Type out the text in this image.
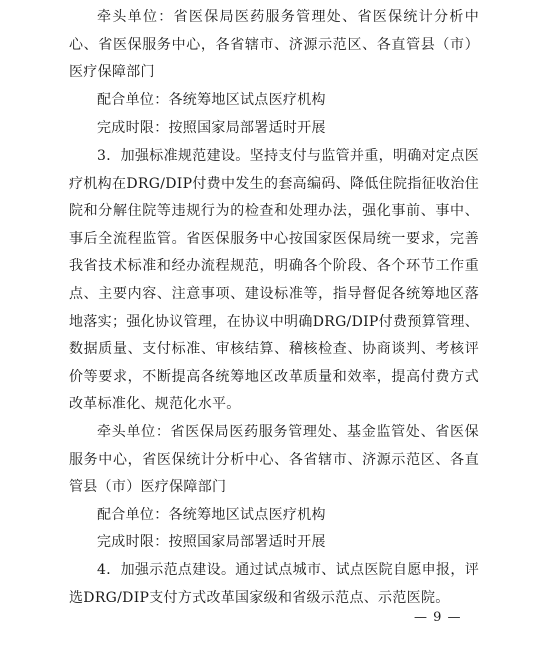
牵头单位：省医保局医药服务管理处、省医保统计分析中心、省医保服务中心，各省辖市、济源示范区、各直管县（市）医疗保障部门

配合单位：各统筹地区试点医疗机构

完成时限：按照国家局部署适时开展

3．加强标准规范建设。坚持支付与监管并重，明确对定点医疗机构在DRG/DIP付费中发生的套高编码、降低住院指征收治住院和分解住院等违规行为的检查和处理办法，强化事前、事中、事后全流程监管。省医保服务中心按国家医保局统一要求，完善我省技术标准和经办流程规范，明确各个阶段、各个环节工作重点、主要内容、注意事项、建设标准等，指导督促各统筹地区落地落实；强化协议管理，在协议中明确DRG/DIP付费预算管理、数据质量、支付标准、审核结算、稽核检查、协商谈判、考核评价等要求，不断提高各统筹地区改革质量和效率，提高付费方式改革标准化、规范化水平。

牵头单位：省医保局医药服务管理处、基金监管处、省医保服务中心，省医保统计分析中心、各省辖市、济源示范区、各直管县（市）医疗保障部门

配合单位：各统筹地区试点医疗机构

完成时限：按照国家局部署适时开展

4．加强示范点建设。通过试点城市、试点医院自愿申报，评选DRG/DIP支付方式改革国家级和省级示范点、示范医院。

— 9 —
